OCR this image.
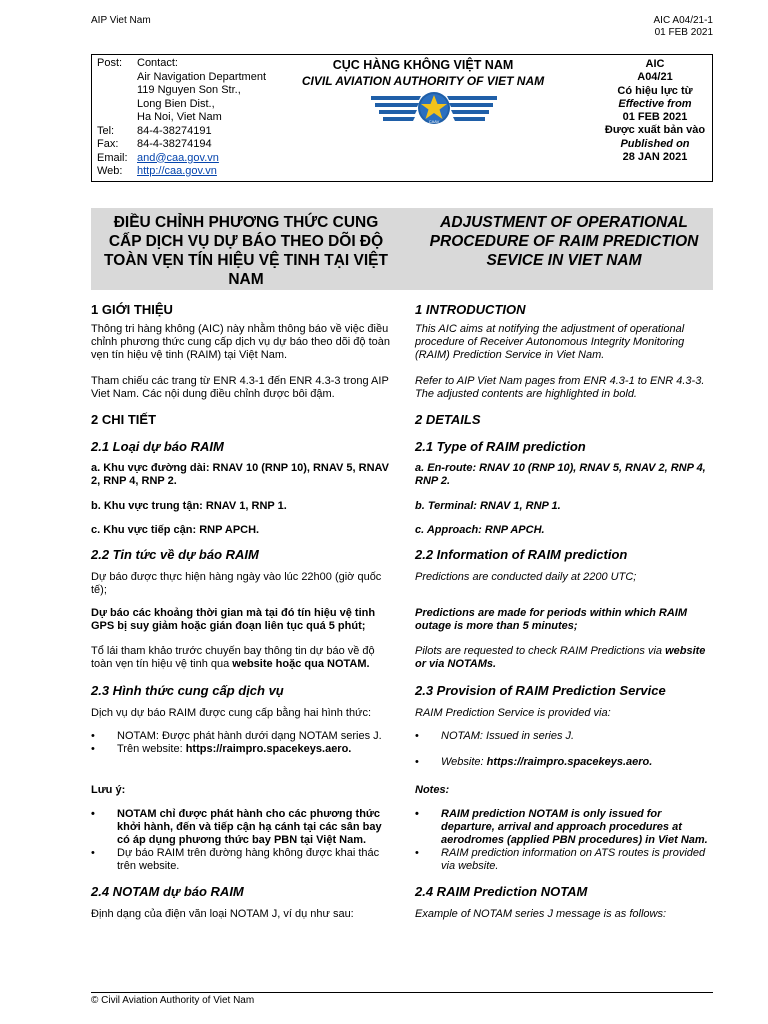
AIP Viet Nam	AIC A04/21-1
01 FEB 2021
Post:	Contact:
Air Navigation Department
119 Nguyen Son Str.,
Long Bien Dist.,
Ha Noi, Viet Nam
Tel:	84-4-38274191
Fax:	84-4-38274194
Email: and@caa.gov.vn
Web:	http://caa.gov.vn
CỤC HÀNG KHÔNG VIỆT NAM
CIVIL AVIATION AUTHORITY OF VIET NAM
CAAV
AIC
A04/21
Có hiệu lực từ
Effective from
01 FEB 2021
Được xuất bản vào
Published on
28 JAN 2021
ĐIỀU CHỈNH PHƯƠNG THỨC CUNG CẤP DỊCH VỤ DỰ BÁO THEO DÕI ĐỘ TOÀN VẸN TÍN HIỆU VỆ TINH TẠI VIỆT NAM
ADJUSTMENT OF OPERATIONAL PROCEDURE OF RAIM PREDICTION SEVICE IN VIET NAM
1 GIỚI THIỆU
Thông tri hàng không (AIC) này nhằm thông báo về việc điều chỉnh phương thức cung cấp dịch vụ dự báo theo dõi độ toàn vẹn tín hiệu vệ tinh (RAIM) tại Việt Nam.
Tham chiếu các trang từ ENR 4.3-1 đến ENR 4.3-3 trong AIP Viet Nam. Các nội dung điều chỉnh được bôi đậm.
2 CHI TIẾT
2.1 Loại dự báo RAIM
a. Khu vực đường dài: RNAV 10 (RNP 10), RNAV 5, RNAV 2, RNP 4, RNP 2.
b. Khu vực trung tận: RNAV 1, RNP 1.
c. Khu vực tiếp cận: RNP APCH.
2.2 Tin tức về dự báo RAIM
Dự báo được thực hiện hàng ngày vào lúc 22h00 (giờ quốc tế);
Dự báo các khoảng thời gian mà tại đó tín hiệu vệ tinh GPS bị suy giảm hoặc gián đoạn liên tục quá 5 phút;
Tổ lái tham khảo trước chuyến bay thông tin dự báo về độ toàn vẹn tín hiệu vệ tinh qua website hoặc qua NOTAM.
2.3 Hình thức cung cấp dịch vụ
Dịch vụ dự báo RAIM được cung cấp bằng hai hình thức:
• NOTAM: Được phát hành dưới dạng NOTAM series J.
• Trên website: https://raimpro.spacekeys.aero.
Lưu ý:
• NOTAM chỉ được phát hành cho các phương thức khởi hành, đến và tiếp cận hạ cánh tại các sân bay có áp dụng phương thức bay PBN tại Việt Nam.
• Dự báo RAIM trên đường hàng không được khai thác trên website.
2.4 NOTAM dự báo RAIM
Định dạng của điện văn loại NOTAM J, ví dụ như sau:
1 INTRODUCTION
This AIC aims at notifying the adjustment of operational procedure of Receiver Autonomous Integrity Monitoring (RAIM) Prediction Service in Viet Nam.
Refer to AIP Viet Nam pages from ENR 4.3-1 to ENR 4.3-3. The adjusted contents are highlighted in bold.
2 DETAILS
2.1 Type of RAIM prediction
a. En-route: RNAV 10 (RNP 10), RNAV 5, RNAV 2, RNP 4, RNP 2.
b. Terminal: RNAV 1, RNP 1.
c. Approach: RNP APCH.
2.2 Information of RAIM prediction
Predictions are conducted daily at 2200 UTC;
Predictions are made for periods within which RAIM outage is more than 5 minutes;
Pilots are requested to check RAIM Predictions via website or via NOTAMs.
2.3 Provision of RAIM Prediction Service
RAIM Prediction Service is provided via:
• NOTAM: Issued in series J.
• Website: https://raimpro.spacekeys.aero.
Notes:
• RAIM prediction NOTAM is only issued for departure, arrival and approach procedures at aerodromes (applied PBN procedures) in Viet Nam.
• RAIM prediction information on ATS routes is provided via website.
2.4 RAIM Prediction NOTAM
Example of NOTAM series J message is as follows:
© Civil Aviation Authority of Viet Nam
